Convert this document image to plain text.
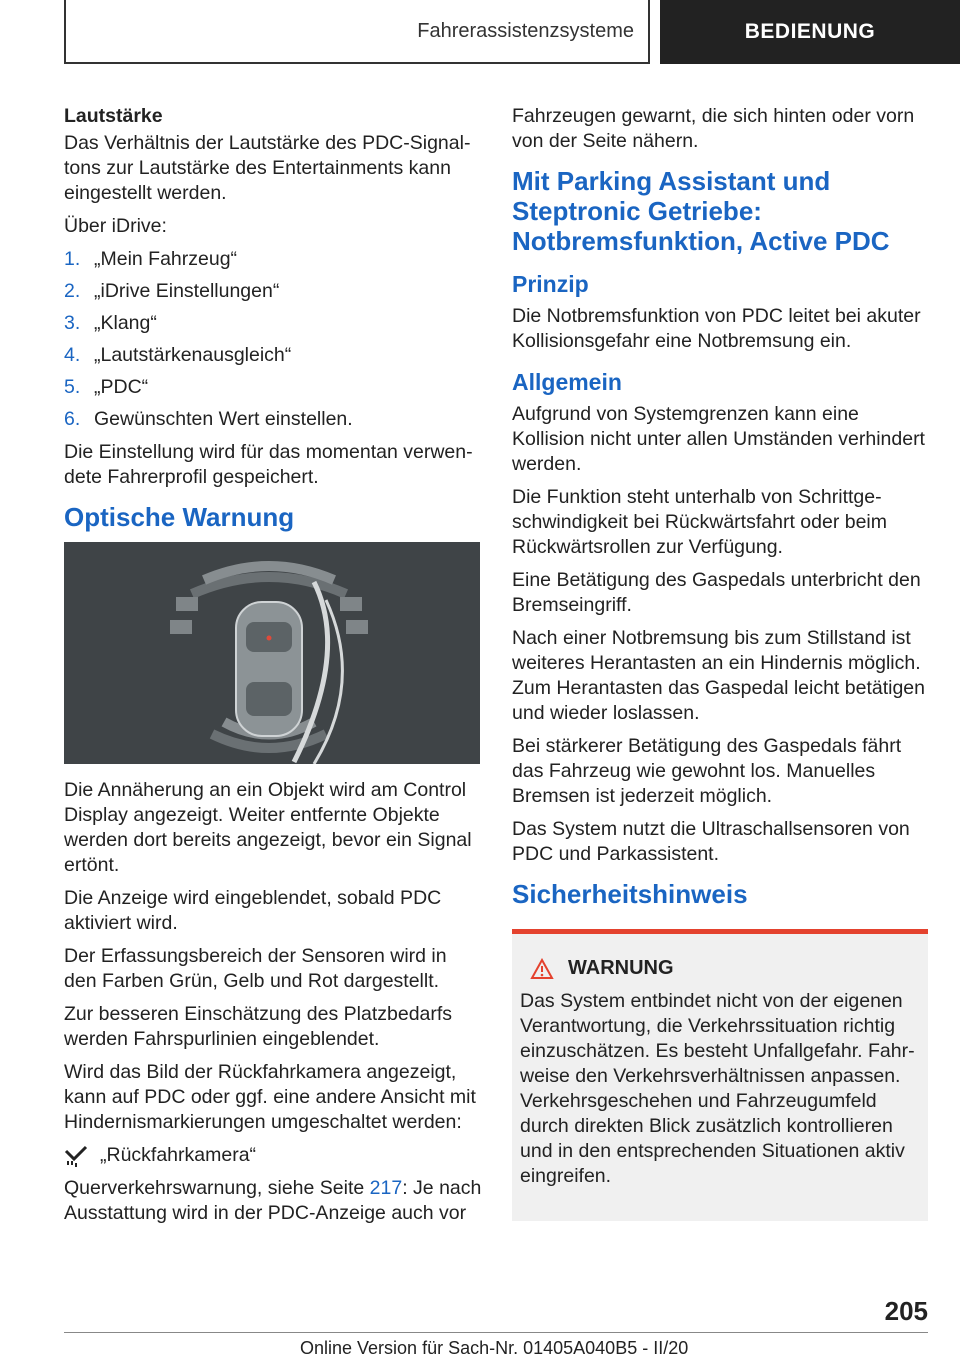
Fahrerassistenzsysteme	BEDIENUNG

Lautstärke

Das Verhältnis der Lautstärke des PDC-Signaltons zur Lautstärke des Entertainments kann eingestellt werden.

Über iDrive:

1. „Mein Fahrzeug“
2. „iDrive Einstellungen“
3. „Klang“
4. „Lautstärkenausgleich“
5. „PDC“
6. Gewünschten Wert einstellen.

Die Einstellung wird für das momentan verwendete Fahrerprofil gespeichert.

Optische Warnung

Die Annäherung an ein Objekt wird am Control Display angezeigt. Weiter entfernte Objekte werden dort bereits angezeigt, bevor ein Signal ertönt.

Die Anzeige wird eingeblendet, sobald PDC aktiviert wird.

Der Erfassungsbereich der Sensoren wird in den Farben Grün, Gelb und Rot dargestellt.

Zur besseren Einschätzung des Platzbedarfs werden Fahrspurlinien eingeblendet.

Wird das Bild der Rückfahrkamera angezeigt, kann auf PDC oder ggf. eine andere Ansicht mit Hindernismarkierungen umgeschaltet werden:

„Rückfahrkamera“

Querverkehrswarnung, siehe Seite 217: Je nach Ausstattung wird in der PDC-Anzeige auch vor

Fahrzeugen gewarnt, die sich hinten oder vorn von der Seite nähern.

Mit Parking Assistant und Steptronic Getriebe: Notbremsfunktion, Active PDC
Prinzip

Die Notbremsfunktion von PDC leitet bei akuter Kollisionsgefahr eine Notbremsung ein.

Allgemein

Aufgrund von Systemgrenzen kann eine Kollision nicht unter allen Umständen verhindert werden.

Die Funktion steht unterhalb von Schrittgeschwindigkeit bei Rückwärtsfahrt oder beim Rückwärtsrollen zur Verfügung.

Eine Betätigung des Gaspedals unterbricht den Bremseingriff.

Nach einer Notbremsung bis zum Stillstand ist weiteres Herantasten an ein Hindernis möglich. Zum Herantasten das Gaspedal leicht betätigen und wieder loslassen.

Bei stärkerer Betätigung des Gaspedals fährt das Fahrzeug wie gewohnt los. Manuelles Bremsen ist jederzeit möglich.

Das System nutzt die Ultraschallsensoren von PDC und Parkassistent.

Sicherheitshinweis
WARNUNG

Das System entbindet nicht von der eigenen Verantwortung, die Verkehrssituation richtig einzuschätzen. Es besteht Unfallgefahr. Fahrweise den Verkehrsverhältnissen anpassen. Verkehrsgeschehen und Fahrzeugumfeld durch direkten Blick zusätzlich kontrollieren und in den entsprechenden Situationen aktiv eingreifen.

205
Online Version für Sach-Nr. 01405A040B5 - II/20
